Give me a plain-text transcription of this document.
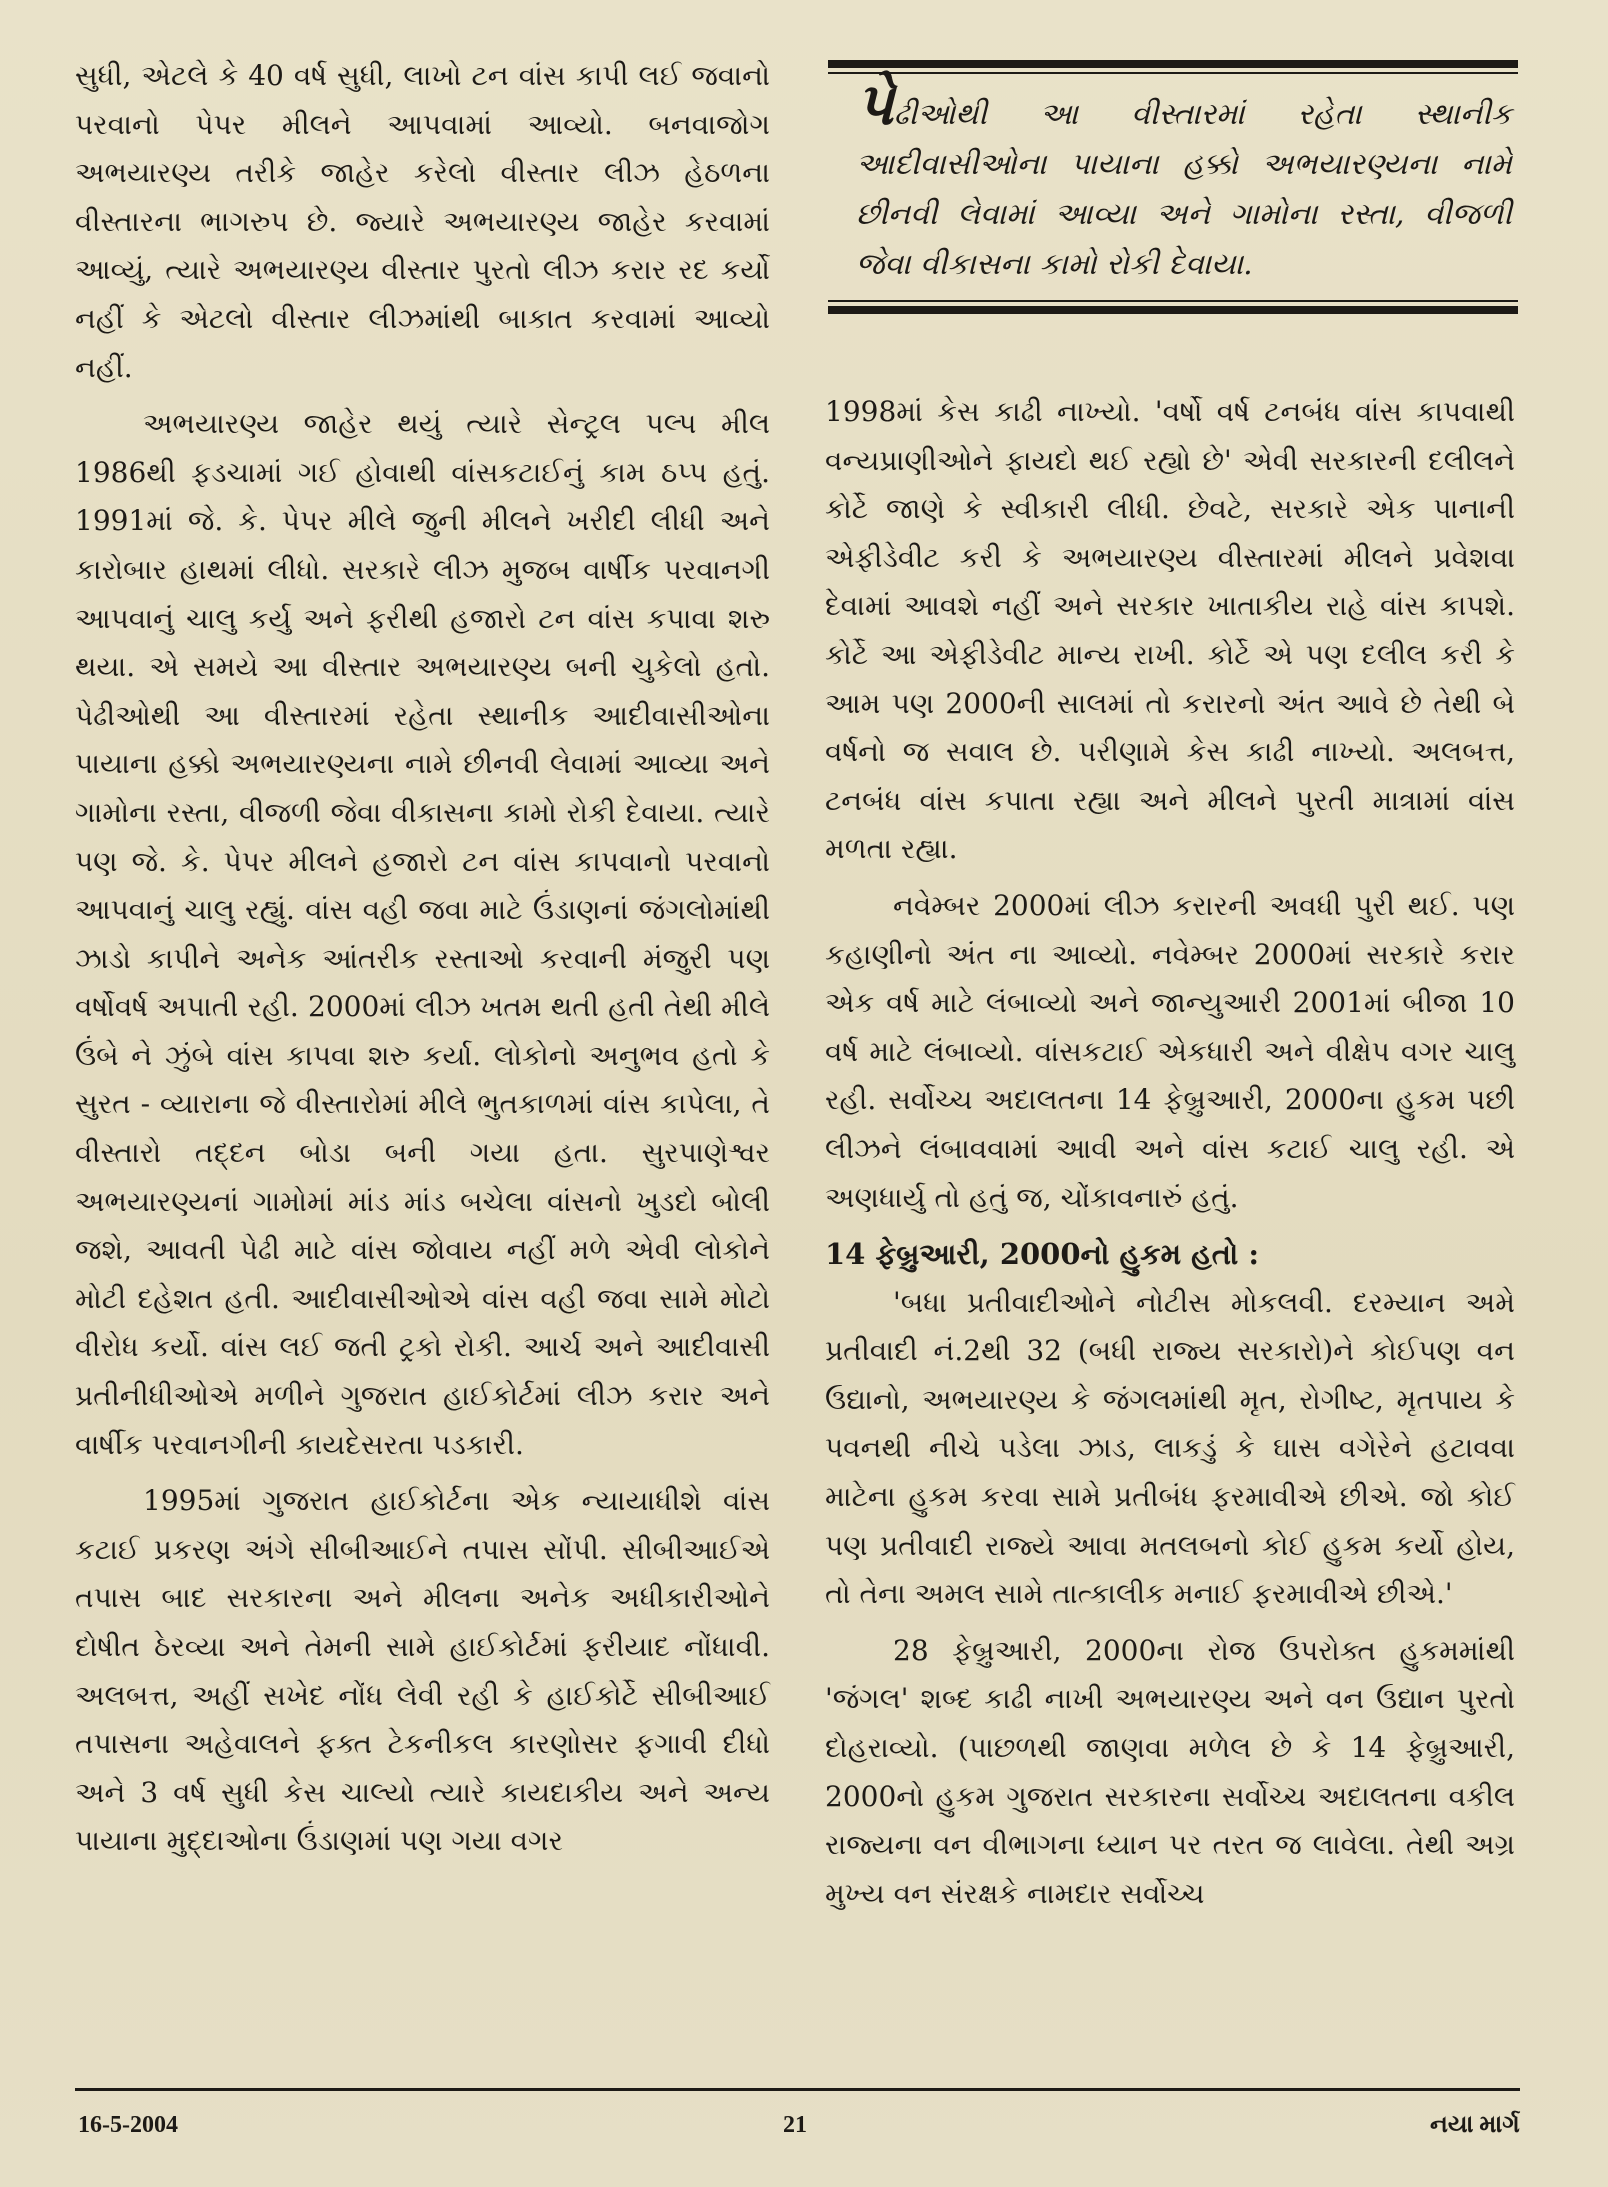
સુધી, એટલે કે 40 વર્ષ સુધી, લાખો ટન વાંસ કાપી લઈ જવાનો પરવાનો પેપર મીલને આપવામાં આવ્યો. બનવાજોગ અભયારણ્ય તરીકે જાહેર કરેલો વીસ્તાર લીઝ હેઠળના વીસ્તારના ભાગરુપ છે. જ્યારે અભયારણ્ય જાહેર કરવામાં આવ્યું, ત્યારે અભયારણ્ય વીસ્તાર પુરતો લીઝ કરાર રદ કર્યો નહીં કે એટલો વીસ્તાર લીઝમાંથી બાકાત કરવામાં આવ્યો નહીં.

અભયારણ્ય જાહેર થયું ત્યારે સેન્ટ્રલ પલ્પ મીલ 1986થી ફડચામાં ગઈ હોવાથી વાંસકટાઈનું કામ ઠપ્પ હતું. 1991માં જે. કે. પેપર મીલે જુની મીલને ખરીદી લીધી અને કારોબાર હાથમાં લીધો. સરકારે લીઝ મુજબ વાર્ષીક પરવાનગી આપવાનું ચાલુ કર્યુ અને ફરીથી હજારો ટન વાંસ કપાવા શરુ થયા. એ સમયે આ વીસ્તાર અભયારણ્ય બની ચુકેલો હતો. પેઢીઓથી આ વીસ્તારમાં રહેતા સ્થાનીક આદીવાસીઓના પાયાના હક્કો અભયારણ્યના નામે છીનવી લેવામાં આવ્યા અને ગામોના રસ્તા, વીજળી જેવા વીકાસના કામો રોકી દેવાયા. ત્યારે પણ જે. કે. પેપર મીલને હજારો ટન વાંસ કાપવાનો પરવાનો આપવાનું ચાલુ રહ્યું. વાંસ વહી જવા માટે ઉંડાણનાં જંગલોમાંથી ઝાડો કાપીને અનેક આંતરીક રસ્તાઓ કરવાની મંજુરી પણ વર્ષોવર્ષ અપાતી રહી. 2000માં લીઝ ખતમ થતી હતી તેથી મીલે ઉંબે ને ઝુંબે વાંસ કાપવા શરુ કર્યા. લોકોનો અનુભવ હતો કે સુરત - વ્યારાના જે વીસ્તારોમાં મીલે ભુતકાળમાં વાંસ કાપેલા, તે વીસ્તારો તદ્દન બોડા બની ગયા હતા. સુરપાણેશ્વર અભયારણ્યનાં ગામોમાં માંડ માંડ બચેલા વાંસનો ખુડદો બોલી જશે, આવતી પેઢી માટે વાંસ જોવાય નહીં મળે એવી લોકોને મોટી દહેશત હતી. આદીવાસીઓએ વાંસ વહી જવા સામે મોટો વીરોધ કર્યો. વાંસ લઈ જતી ટ્રકો રોકી. આર્ચ અને આદીવાસી પ્રતીનીધીઓએ મળીને ગુજરાત હાઈકોર્ટમાં લીઝ કરાર અને વાર્ષીક પરવાનગીની કાયદેસરતા પડકારી.

1995માં ગુજરાત હાઈકોર્ટના એક ન્યાયાધીશે વાંસ કટાઈ પ્રકરણ અંગે સીબીઆઈને તપાસ સોંપી. સીબીઆઈએ તપાસ બાદ સરકારના અને મીલના અનેક અધીકારીઓને દોષીત ઠેરવ્યા અને તેમની સામે હાઈકોર્ટમાં ફરીયાદ નોંધાવી. અલબત્ત, અહીં સખેદ નોંધ લેવી રહી કે હાઈકોર્ટે સીબીઆઈ તપાસના અહેવાલને ફક્ત ટેકનીકલ કારણોસર ફગાવી દીધો અને 3 વર્ષ સુધી કેસ ચાલ્યો ત્યારે કાયદાકીય અને અન્ય પાયાના મુદ્દાઓના ઉંડાણમાં પણ ગયા વગર

પેઢીઓથી આ વીસ્તારમાં રહેતા સ્થાનીક આદીવાસીઓના પાયાના હક્કો અભયારણ્યના નામે છીનવી લેવામાં આવ્યા અને ગામોના રસ્તા, વીજળી જેવા વીકાસના કામો રોકી દેવાયા.

1998માં કેસ કાઢી નાખ્યો. 'વર્ષો વર્ષ ટનબંધ વાંસ કાપવાથી વન્યપ્રાણીઓને ફાયદો થઈ રહ્યો છે' એવી સરકારની દલીલને કોર્ટે જાણે કે સ્વીકારી લીધી. છેવટે, સરકારે એક પાનાની એફીડેવીટ કરી કે અભયારણ્ય વીસ્તારમાં મીલને પ્રવેશવા દેવામાં આવશે નહીં અને સરકાર ખાતાકીય રાહે વાંસ કાપશે. કોર્ટે આ એફીડેવીટ માન્ય રાખી. કોર્ટે એ પણ દલીલ કરી કે આમ પણ 2000ની સાલમાં તો કરારનો અંત આવે છે તેથી બે વર્ષનો જ સવાલ છે. પરીણામે કેસ કાઢી નાખ્યો. અલબત્ત, ટનબંધ વાંસ કપાતા રહ્યા અને મીલને પુરતી માત્રામાં વાંસ મળતા રહ્યા.

નવેમ્બર 2000માં લીઝ કરારની અવધી પુરી થઈ. પણ કહાણીનો અંત ના આવ્યો. નવેમ્બર 2000માં સરકારે કરાર એક વર્ષ માટે લંબાવ્યો અને જાન્યુઆરી 2001માં બીજા 10 વર્ષ માટે લંબાવ્યો. વાંસકટાઈ એકધારી અને વીક્ષેપ વગર ચાલુ રહી. સર્વોચ્ચ અદાલતના 14 ફેબ્રુઆરી, 2000ના હુકમ પછી લીઝને લંબાવવામાં આવી અને વાંસ કટાઈ ચાલુ રહી. એ અણધાર્યુ તો હતું જ, ચોંકાવનારું હતું.

14 ફેબ્રુઆરી, 2000નો હુકમ હતો :

'બધા પ્રતીવાદીઓને નોટીસ મોકલવી. દરમ્યાન અમે પ્રતીવાદી નં.2થી 32 (બધી રાજ્ય સરકારો)ને કોઈપણ વન ઉદ્યાનો, અભયારણ્ય કે જંગલમાંથી મૃત, રોગીષ્ટ, મૃતપાય કે પવનથી નીચે પડેલા ઝાડ, લાકડું કે ઘાસ વગેરેને હટાવવા માટેના હુકમ કરવા સામે પ્રતીબંધ ફરમાવીએ છીએ. જો કોઈ પણ પ્રતીવાદી રાજ્યે આવા મતલબનો કોઈ હુકમ કર્યો હોય, તો તેના અમલ સામે તાત્કાલીક મનાઈ ફરમાવીએ છીએ.'

28 ફેબ્રુઆરી, 2000ના રોજ ઉપરોક્ત હુકમમાંથી 'જંગલ' શબ્દ કાઢી નાખી અભયારણ્ય અને વન ઉદ્યાન પુરતો દોહરાવ્યો. (પાછળથી જાણવા મળેલ છે કે 14 ફેબ્રુઆરી, 2000નો હુકમ ગુજરાત સરકારના સર્વોચ્ચ અદાલતના વકીલ રાજ્યના વન વીભાગના ધ્યાન પર તરત જ લાવેલા. તેથી અગ્ર મુખ્ય વન સંરક્ષકે નામદાર સર્વોચ્ચ

16-5-2004	21	નયા માર્ગ
